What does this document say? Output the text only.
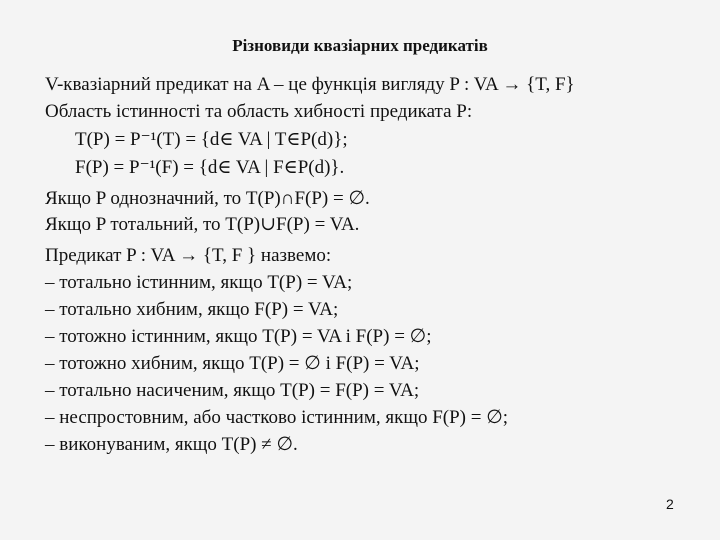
Різновиди квазіарних предикатів
V-квазіарний предикат на A – це функція вигляду P : VA → {T, F}
Область істинності та область хибності предиката P:
T(P) = P⁻¹(T) = {d∈ VA | T∈P(d)};
F(P) = P⁻¹(F) = {d∈ VA | F∈P(d)}.
Якщо P однозначний, то T(P)∩F(P) = ∅.
Якщо P тотальний, то T(P)∪F(P) = VA.
Предикат P : VA → {T, F } назвемо:
– тотально істинним, якщо T(P) = VA;
– тотально хибним, якщо F(P) = VA;
– тотожно істинним, якщо T(P) = VA і F(P) = ∅;
– тотожно хибним, якщо T(P) = ∅ і F(P) = VA;
– тотально насиченим, якщо T(P) = F(P) = VA;
– неспростовним, або частково істинним, якщо F(P) = ∅;
– виконуваним, якщо T(P) ≠ ∅.
2
